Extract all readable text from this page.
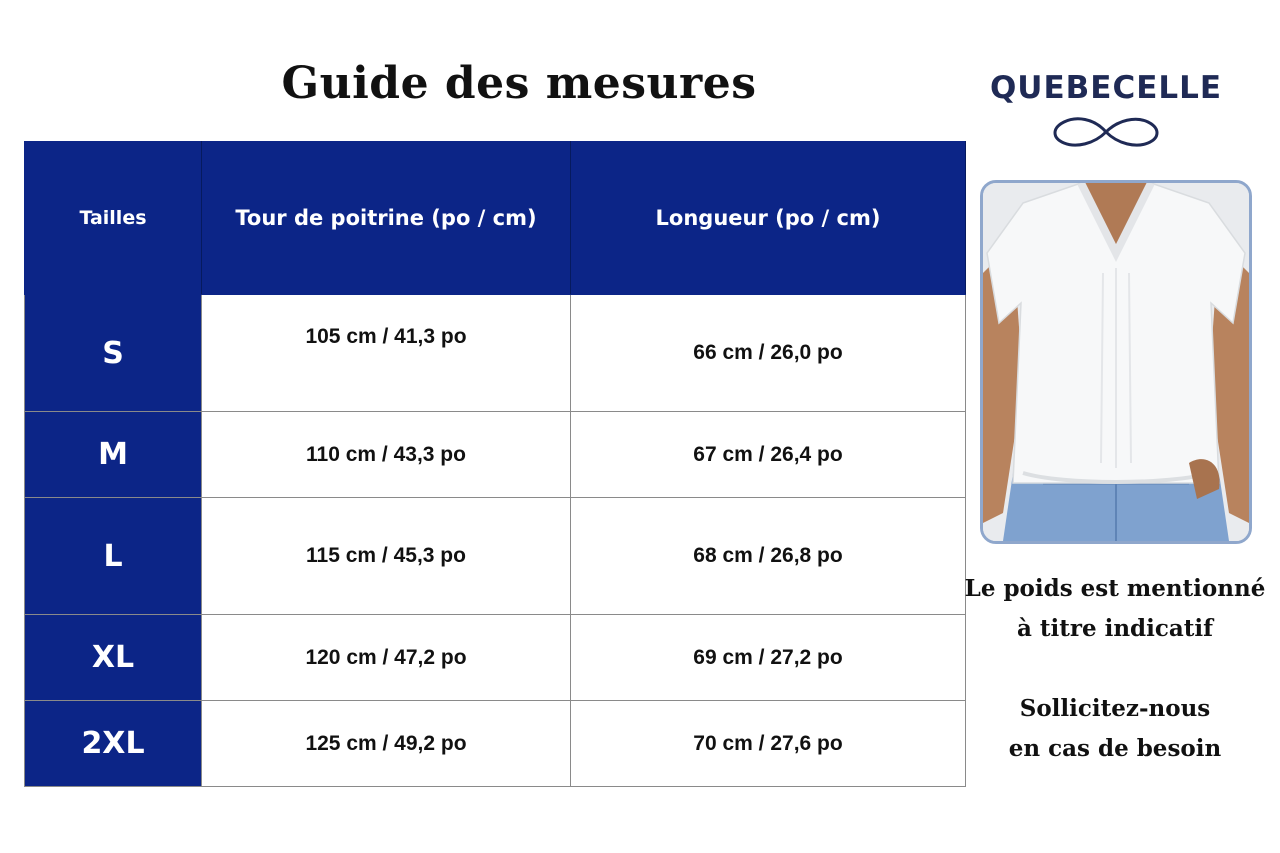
Guide des mesures
Tailles	Tour de poitrine (po / cm)	Longueur (po / cm)
S	105 cm / 41,3 po	66 cm / 26,0 po
M	110 cm / 43,3 po	67 cm / 26,4 po
L	115 cm / 45,3 po	68 cm / 26,8 po
XL	120 cm / 47,2 po	69 cm / 27,2 po
2XL	125 cm / 49,2 po	70 cm / 27,6 po
QUEBECELLE
Le poids est mentionné
à titre indicatif
Sollicitez-nous
en cas de besoin
